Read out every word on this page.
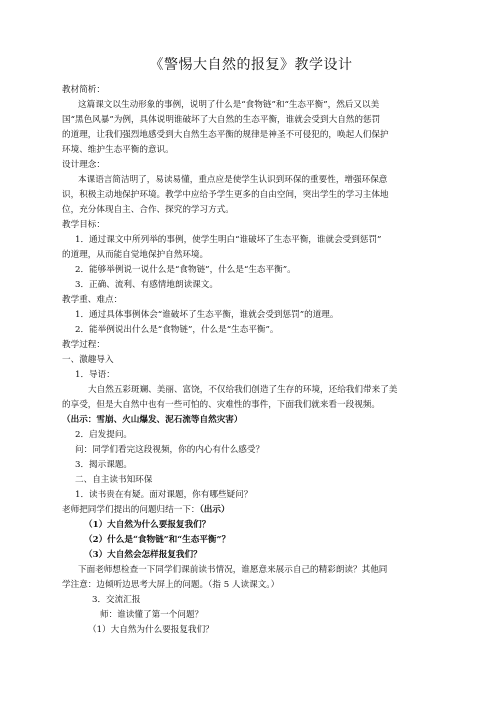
《警惕大自然的报复》教学设计
教材简析：
这篇课文以生动形象的事例，说明了什么是“食物链”和“生态平衡”，然后又以美
国“黑色风暴”为例，具体说明谁破坏了大自然的生态平衡，谁就会受到大自然的惩罚
的道理，让我们强烈地感受到大自然生态平衡的规律是神圣不可侵犯的，唤起人们保护
环境、维护生态平衡的意识。
设计理念：
本课语言简洁明了，易读易懂，重点应是使学生认识到环保的重要性，增强环保意
识，积极主动地保护环境。教学中应给予学生更多的自由空间，突出学生的学习主体地
位，充分体现自主、合作、探究的学习方式。
教学目标：
1．通过课文中所列举的事例，使学生明白“谁破坏了生态平衡，谁就会受到惩罚”
的道理，从而能自觉地保护自然环境。
2．能够举例说一说什么是“食物链”，什么是“生态平衡”。
3．正确、流利、有感情地朗读课文。
教学重、难点：
1．通过具体事例体会“谁破坏了生态平衡，谁就会受到惩罚”的道理。
2．能举例说出什么是“食物链”，什么是“生态平衡”。
教学过程：
一、激趣导入
1．导语：
大自然五彩斑斓、美丽、富饶，不仅给我们创造了生存的环境，还给我们带来了美
的享受，但是大自然中也有一些可怕的、灾难性的事件，下面我们就来看一段视频。
（出示：雪崩、火山爆发、泥石流等自然灾害）
2．启发提问。
问：同学们看完这段视频，你的内心有什么感受？
3．揭示课题。
二、自主读书知环保
1．读书贵在有疑。面对课题，你有哪些疑问？
老师把同学们提出的问题归结一下：（出示）
（1）大自然为什么要报复我们？
（2）什么是“食物链”和“生态平衡”？
（3）大自然会怎样报复我们？
下面老师想检查一下同学们课前读书情况，谁愿意来展示自己的精彩朗读？其他同
学注意：边倾听边思考大屏上的问题。（指 5 人读课文。）
3．交流汇报
师：谁读懂了第一个问题？
（1）大自然为什么要报复我们？
